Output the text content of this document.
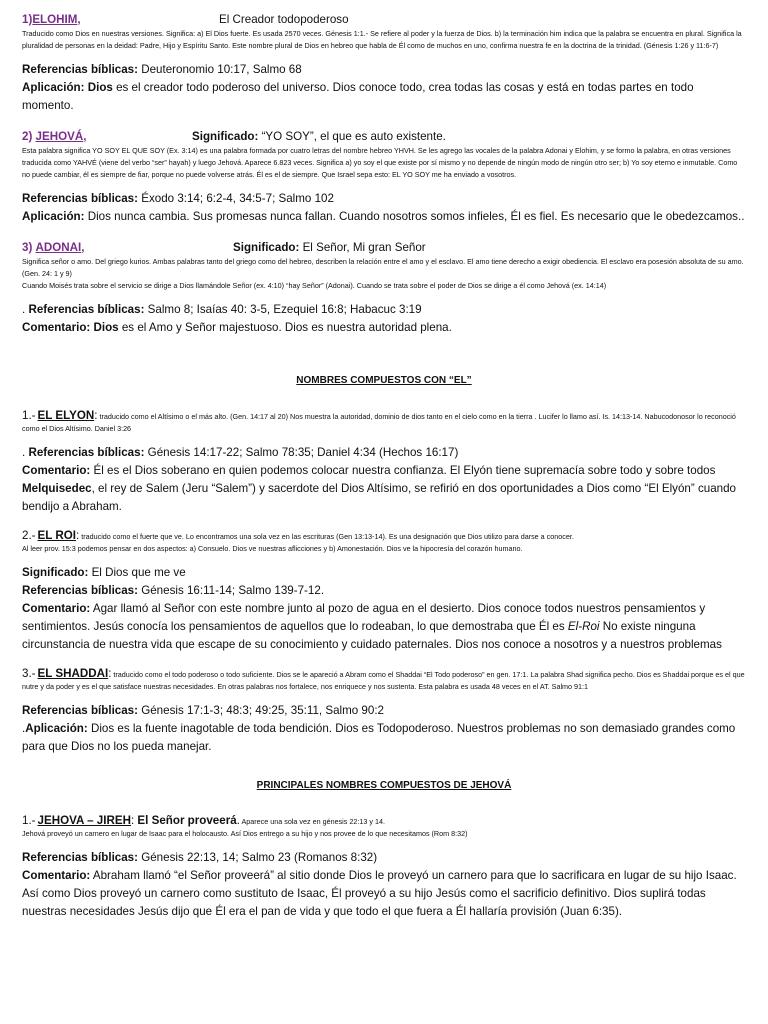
1)ELOHIM,	El Creador todopoderoso

Traducido como Dios en nuestras versiones. Significa: a) El Dios fuerte. Es usada 2570 veces. Génesis 1:1.- Se refiere al poder y la fuerza de Dios. b) la terminación him indica que la palabra se encuentra en plural. Significa la pluralidad de personas en la deidad: Padre, Hijo y Espíritu Santo. Este nombre plural de Dios en hebreo que habla de Él como de muchos en uno, confirma nuestra fe en la doctrina de la trinidad. (Génesis 1:26 y 11:6-7)

Referencias bíblicas: Deuteronomio 10:17, Salmo 68

Aplicación: Dios es el creador todo poderoso del universo. Dios conoce todo, crea todas las cosas y está en todas partes en todo momento.

2) JEHOVÁ,	Significado: “YO SOY”, el que es auto existente.

Esta palabra significa YO SOY EL QUE SOY (Ex. 3:14) es una palabra formada por cuatro letras del nombre hebreo YHVH. Se les agrego las vocales de la palabra Adonai y Elohim, y se formo la palabra, en otras versiones traducida como YAHVÉ (viene del verbo “ser” hayah) y luego Jehová. Aparece 6.823 veces. Significa a) yo soy el que existe por sí mismo y no depende de ningún modo de ningún otro ser; b) Yo soy eterno e inmutable. Como no puede cambiar, él es siempre de fiar, porque no puede volverse atrás. Él es el de siempre. Que Israel sepa esto: EL YO SOY me ha enviado a vosotros.

Referencias bíblicas: Éxodo 3:14; 6:2-4, 34:5-7; Salmo 102

Aplicación: Dios nunca cambia. Sus promesas nunca fallan. Cuando nosotros somos infieles, Él es fiel. Es necesario que le obedezcamos..

3) ADONAI,	Significado: El Señor, Mi gran Señor

Significa señor o amo. Del griego kurios. Ambas palabras tanto del griego como del hebreo, describen la relación entre el amo y el esclavo. El amo tiene derecho a exigir obediencia. El esclavo era posesión absoluta de su amo. (Gen. 24: 1 y 9)

Cuando Moisés trata sobre el servicio se dirige a Dios llamándole Señor (ex. 4:10) “hay Señor” (Adonai). Cuando se trata sobre el poder de Dios se dirige a él como Jehová (ex. 14:14)

. Referencias bíblicas: Salmo 8; Isaías 40: 3-5, Ezequiel 16:8; Habacuc 3:19

Comentario: Dios es el Amo y Señor majestuoso. Dios es nuestra autoridad plena.

NOMBRES COMPUESTOS CON “EL”

1.- EL ELYON: traducido como el Altísimo o el más alto. (Gen. 14:17 al 20) Nos muestra la autoridad, dominio de dios tanto en el cielo como en la tierra . Lucifer lo llamo así. Is. 14:13-14. Nabucodonosor lo reconoció como el Dios Altísimo. Daniel 3:26

. Referencias bíblicas: Génesis 14:17-22; Salmo 78:35; Daniel 4:34 (Hechos 16:17)

Comentario: Él es el Dios soberano en quien podemos colocar nuestra confianza. El Elyón tiene supremacía sobre todo y sobre todos Melquisedec, el rey de Salem (Jeru “Salem”) y sacerdote del Dios Altísimo, se refirió en dos oportunidades a Dios como “El Elyón” cuando bendijo a Abraham.

2.- EL ROI: traducido como el fuerte que ve. Lo encontramos una sola vez en las escrituras (Gen 13:13-14). Es una designación que Dios utilizo para darse a conocer.

Al leer prov. 15:3 podemos pensar en dos aspectos: a) Consuelo. Dios ve nuestras aflicciones y b) Amonestación. Dios ve la hipocresía del corazón humano.

Significado: El Dios que me ve

Referencias bíblicas: Génesis 16:11-14; Salmo 139-7-12.

Comentario: Agar llamó al Señor con este nombre junto al pozo de agua en el desierto. Dios conoce todos nuestros pensamientos y sentimientos. Jesús conocía los pensamientos de aquellos que lo rodeaban, lo que demostraba que Él es El-Roi No existe ninguna circunstancia de nuestra vida que escape de su conocimiento y cuidado paternales. Dios nos conoce a nosotros y a nuestros problemas

3.- EL SHADDAI: traducido como el todo poderoso o todo suficiente. Dios se le apareció a Abram como el Shaddai “El Todo poderoso” en gen. 17:1. La palabra Shad significa pecho. Dios es Shaddai porque es el que nutre y da poder y es el que satisface nuestras necesidades. En otras palabras nos fortalece, nos enriquece y nos sustenta. Esta palabra es usada 48 veces en el AT. Salmo 91:1

Referencias bíblicas: Génesis 17:1-3; 48:3; 49:25, 35:11, Salmo 90:2

.Aplicación: Dios es la fuente inagotable de toda bendición. Dios es Todopoderoso. Nuestros problemas no son demasiado grandes como para que Dios no los pueda manejar.

PRINCIPALES NOMBRES COMPUESTOS DE JEHOVÁ

1.- JEHOVA – JIREH: El Señor proveerá. Aparece una sola vez en génesis 22:13 y 14.

Jehová proveyó un carnero en lugar de Isaac para el holocausto. Así Dios entrego a su hijo y nos provee de lo que necesitamos (Rom 8:32)

Referencias bíblicas: Génesis 22:13, 14; Salmo 23 (Romanos 8:32)

Comentario: Abraham llamó “el Señor proveerá” al sitio donde Dios le proveyó un carnero para que lo sacrificara en lugar de su hijo Isaac. Así como Dios proveyó un carnero como sustituto de Isaac, Él proveyó a su hijo Jesús como el sacrificio definitivo. Dios suplirá todas nuestras necesidades Jesús dijo que Él era el pan de vida y que todo el que fuera a Él hallaría provisión (Juan 6:35).
